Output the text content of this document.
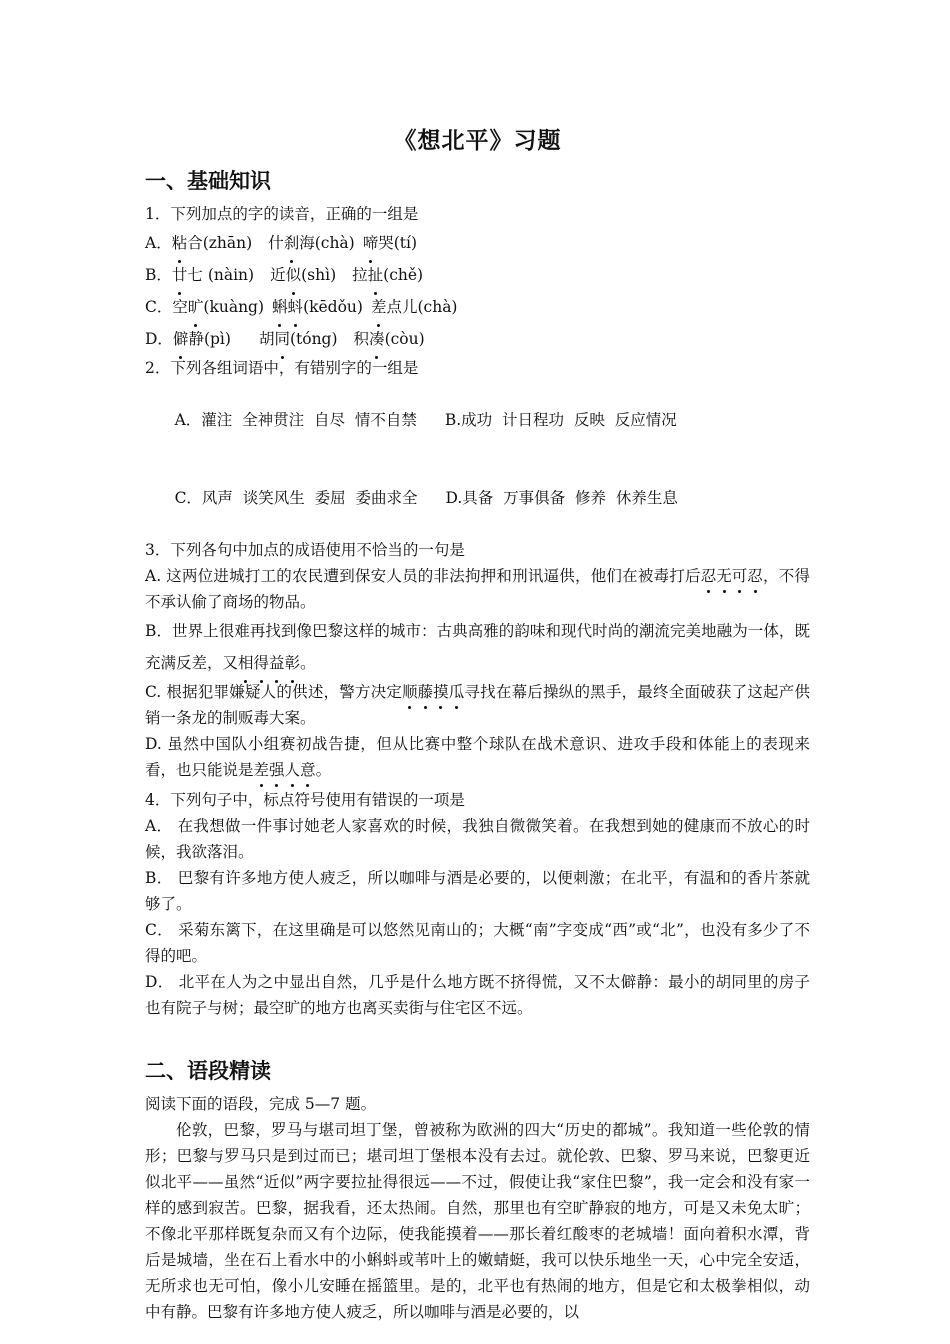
《想北平》习题
一、基础知识

1．下列加点的字的读音，正确的一组是

A．粘合(zhān) 什刹海(chà) 啼哭(tí)

B．廿七 (nàin) 近似(shì) 拉扯(chě)

C．空旷(kuàng) 蝌蚪(kēdǒu) 差点儿(chà)

D．僻静(pì) 胡同(tóng) 积凑(còu)

2．下列各组词语中，有错别字的一组是

A．灌注  全神贯注  自尽  情不自禁 B.成功  计日程功  反映  反应情况

C．风声  谈笑风生  委屈  委曲求全 D.具备  万事俱备  修养  休养生息

3．下列各句中加点的成语使用不恰当的一句是

A. 这两位进城打工的农民遭到保安人员的非法拘押和刑讯逼供，他们在被毒打后忍无可忍，不得不承认偷了商场的物品。

B．世界上很难再找到像巴黎这样的城市：古典高雅的韵味和现代时尚的潮流完美地融为一体，既充满反差，又相得益彰。

C. 根据犯罪嫌疑人的供述，警方决定顺藤摸瓜寻找在幕后操纵的黑手，最终全面破获了这起产供销一条龙的制贩毒大案。

D. 虽然中国队小组赛初战告捷，但从比赛中整个球队在战术意识、进攻手段和体能上的表现来看，也只能说是差强人意。

4．下列句子中，标点符号使用有错误的一项是

A． 在我想做一件事讨她老人家喜欢的时候，我独自微微笑着。在我想到她的健康而不放心的时候，我欲落泪。

B． 巴黎有许多地方使人疲乏，所以咖啡与酒是必要的，以便刺激；在北平，有温和的香片茶就够了。

C． 采菊东篱下，在这里确是可以悠然见南山的；大概“南”字变成“西”或“北”，也没有多少了不得的吧。

D． 北平在人为之中显出自然，几乎是什么地方既不挤得慌，又不太僻静：最小的胡同里的房子也有院子与树；最空旷的地方也离买卖街与住宅区不远。

二、语段精读

阅读下面的语段，完成 5—7 题。

伦敦，巴黎，罗马与堪司坦丁堡，曾被称为欧洲的四大“历史的都城”。我知道一些伦敦的情形；巴黎与罗马只是到过而已；堪司坦丁堡根本没有去过。就伦敦、巴黎、罗马来说，巴黎更近似北平——虽然“近似”两字要拉扯得很远——不过，假使让我“家住巴黎”，我一定会和没有家一样的感到寂苦。巴黎，据我看，还太热闹。自然，那里也有空旷静寂的地方，可是又未免太旷；不像北平那样既复杂而又有个边际，使我能摸着——那长着红酸枣的老城墙！面向着积水潭，背后是城墙，坐在石上看水中的小蝌蚪或苇叶上的嫩蜻蜓，我可以快乐地坐一天，心中完全安适，无所求也无可怕，像小儿安睡在摇篮里。是的，北平也有热闹的地方，但是它和太极拳相似，动中有静。巴黎有许多地方使人疲乏，所以咖啡与酒是必要的，以
